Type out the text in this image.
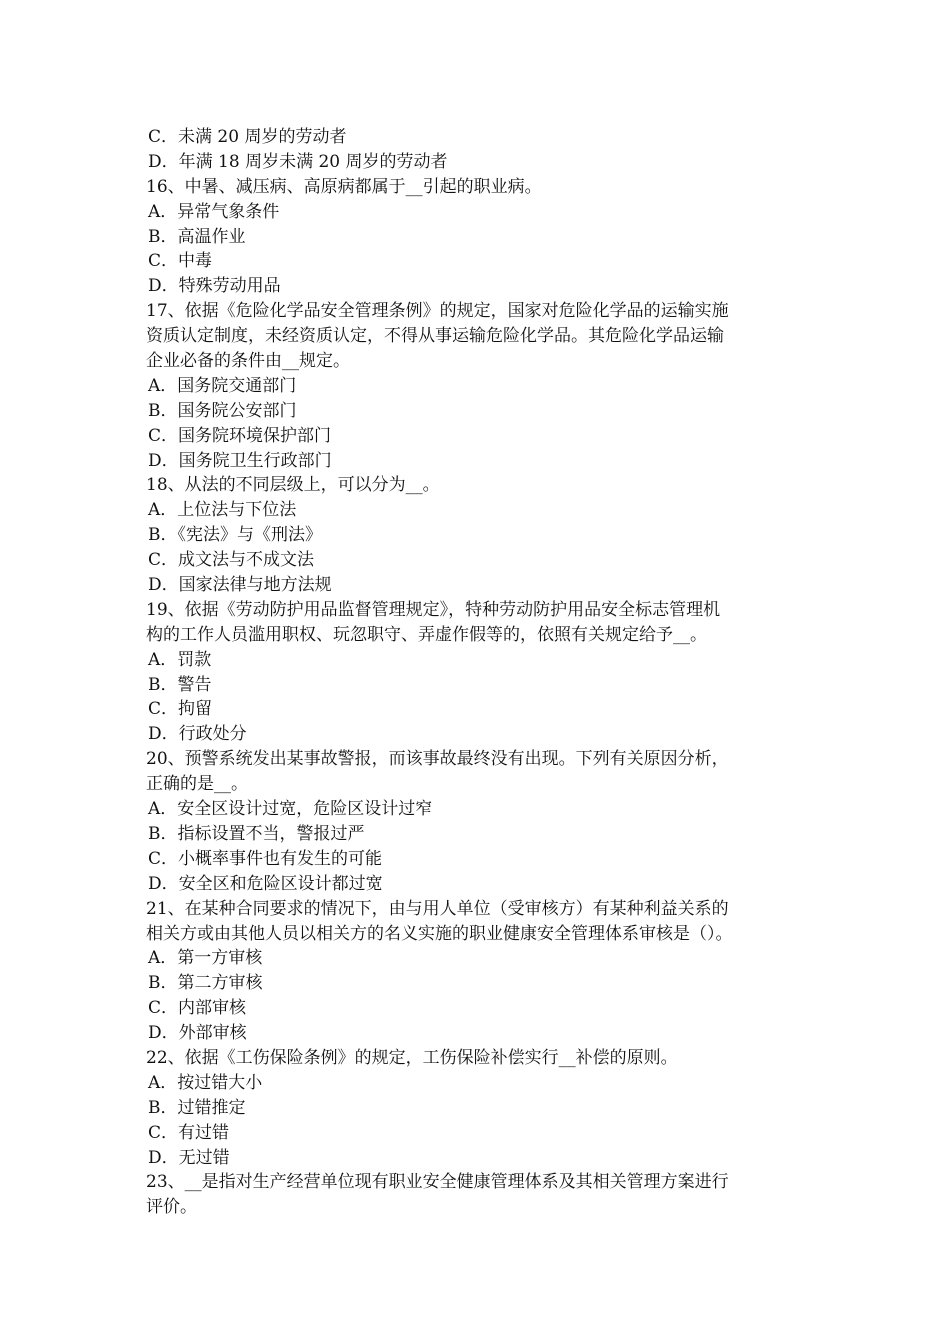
C．未满 20 周岁的劳动者
D．年满 18 周岁未满 20 周岁的劳动者
16、中暑、减压病、高原病都属于__引起的职业病。
A．异常气象条件
B．高温作业
C．中毒
D．特殊劳动用品
17、依据《危险化学品安全管理条例》的规定，国家对危险化学品的运输实施
资质认定制度，未经资质认定，不得从事运输危险化学品。其危险化学品运输
企业必备的条件由__规定。
A．国务院交通部门
B．国务院公安部门
C．国务院环境保护部门
D．国务院卫生行政部门
18、从法的不同层级上，可以分为__。
A．上位法与下位法
B．《宪法》与《刑法》
C．成文法与不成文法
D．国家法律与地方法规
19、依据《劳动防护用品监督管理规定》，特种劳动防护用品安全标志管理机
构的工作人员滥用职权、玩忽职守、弄虚作假等的，依照有关规定给予__。
A．罚款
B．警告
C．拘留
D．行政处分
20、预警系统发出某事故警报，而该事故最终没有出现。下列有关原因分析，
正确的是__。
A．安全区设计过宽，危险区设计过窄
B．指标设置不当，警报过严
C．小概率事件也有发生的可能
D．安全区和危险区设计都过宽
21、在某种合同要求的情况下，由与用人单位（受审核方）有某种利益关系的
相关方或由其他人员以相关方的名义实施的职业健康安全管理体系审核是（）。
A．第一方审核
B．第二方审核
C．内部审核
D．外部审核
22、依据《工伤保险条例》的规定，工伤保险补偿实行__补偿的原则。
A．按过错大小
B．过错推定
C．有过错
D．无过错
23、__是指对生产经营单位现有职业安全健康管理体系及其相关管理方案进行
评价。
